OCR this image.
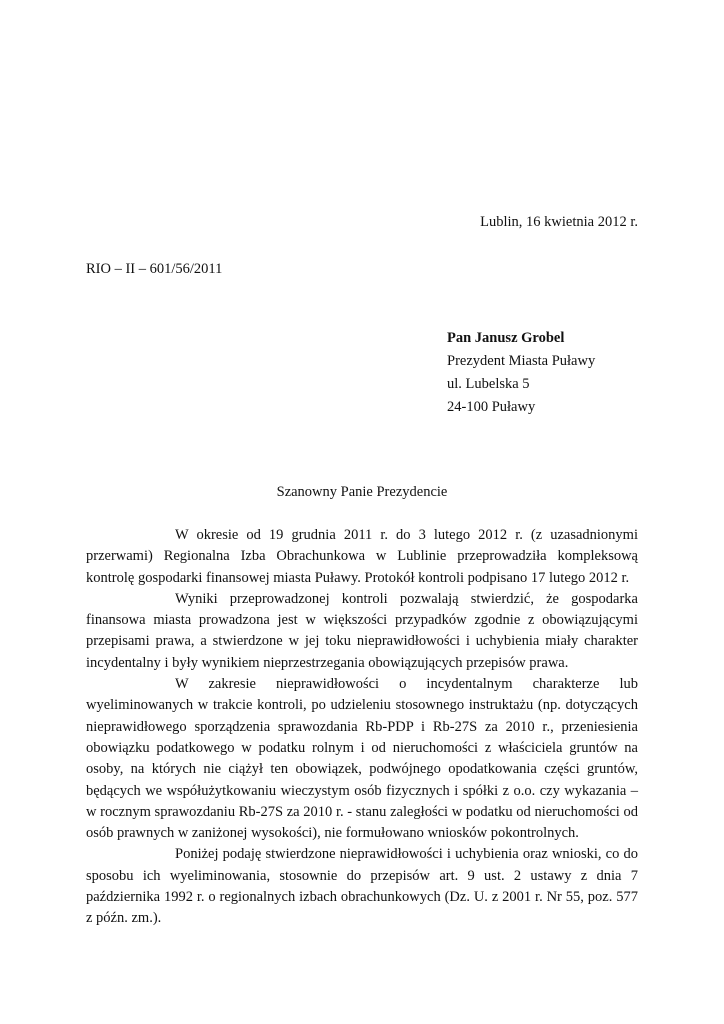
Lublin, 16 kwietnia 2012 r.
RIO – II – 601/56/2011
Pan Janusz Grobel
Prezydent Miasta Puławy
ul. Lubelska 5
24-100 Puławy
Szanowny Panie Prezydencie

W okresie od 19 grudnia 2011 r. do 3 lutego 2012 r. (z uzasadnionymi przerwami) Regionalna Izba Obrachunkowa w Lublinie przeprowadziła kompleksową kontrolę gospodarki finansowej miasta Puławy. Protokół kontroli podpisano 17 lutego 2012 r.

Wyniki przeprowadzonej kontroli pozwalają stwierdzić, że gospodarka finansowa miasta prowadzona jest w większości przypadków zgodnie z obowiązującymi przepisami prawa, a stwierdzone w jej toku nieprawidłowości i uchybienia miały charakter incydentalny i były wynikiem nieprzestrzegania obowiązujących przepisów prawa.

W zakresie nieprawidłowości o incydentalnym charakterze lub wyeliminowanych w trakcie kontroli, po udzieleniu stosownego instruktażu (np. dotyczących nieprawidłowego sporządzenia sprawozdania Rb-PDP i Rb-27S za 2010 r., przeniesienia obowiązku podatkowego w podatku rolnym i od nieruchomości z właściciela gruntów na osoby, na których nie ciążył ten obowiązek, podwójnego opodatkowania części gruntów, będących we współużytkowaniu wieczystym osób fizycznych i spółki z o.o. czy wykazania – w rocznym sprawozdaniu Rb-27S za 2010 r. - stanu zaległości w podatku od nieruchomości od osób prawnych w zaniżonej wysokości), nie formułowano wniosków pokontrolnych.

Poniżej podaję stwierdzone nieprawidłowości i uchybienia oraz wnioski, co do sposobu ich wyeliminowania, stosownie do przepisów art. 9 ust. 2 ustawy z dnia 7 października 1992 r. o regionalnych izbach obrachunkowych (Dz. U. z 2001 r. Nr 55, poz. 577 z późn. zm.).
